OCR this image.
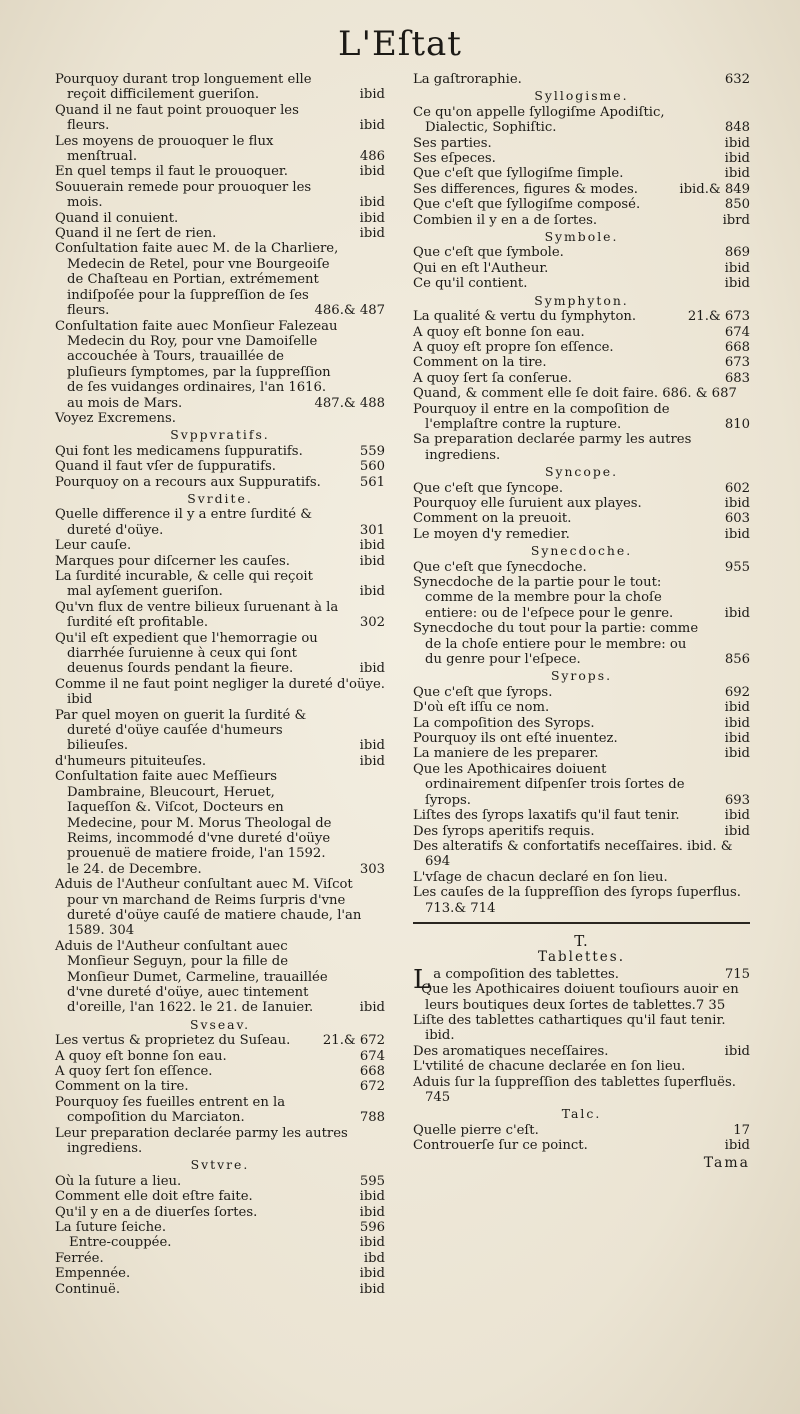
L'Eſtat
Pourquoy durant trop longuement elle reçoit difficilement gueriſon.	ibid
Quand il ne faut point prouoquer les fleurs.	ibid
Les moyens de prouoquer le flux menſtrual.	486
En quel temps il faut le prouoquer.	ibid
Souuerain remede pour prouoquer les mois.	ibid
Quand il conuient.	ibid
Quand il ne ſert de rien.	ibid
Conſultation faite auec M. de la Charliere, Medecin de Retel, pour vne Bourgeoiſe de Chaſteau en Portian, extrémement indiſpoſée pour la ſuppreſſion de ſes fleurs.	486.& 487
Conſultation faite auec Monſieur Falezeau Medecin du Roy, pour vne Damoiſelle accouchée à Tours, trauaillée de pluſieurs ſymptomes, par la ſuppreſſion de ſes vuidanges ordinaires, l'an 1616. au mois de Mars.	487.& 488
Voyez Excremens.
Svppvratifs.
Qui font les medicamens ſuppuratifs.	559
Quand il faut vſer de ſuppuratifs.	560
Pourquoy on a recours aux Suppuratifs.	561
Svrdite.
Quelle difference il y a entre ſurdité & dureté d'oüye.	301
Leur cauſe.	ibid
Marques pour diſcerner les cauſes.	ibid
La ſurdité incurable, & celle qui reçoit mal ayſement gueriſon.	ibid
Qu'vn flux de ventre bilieux ſuruenant à la ſurdité eſt profitable.	302
Qu'il eſt expedient que l'hemorragie ou diarrhée ſuruienne à ceux qui ſont deuenus ſourds pendant la fieure.	ibid
Comme il ne faut point negliger la dureté d'oüye. ibid
Par quel moyen on guerit la ſurdité & dureté d'oüye cauſée d'humeurs bilieuſes.	ibid
d'humeurs pituiteuſes.	ibid
Conſultation faite auec Meſſieurs Dambraine, Bleucourt, Heruet, Iaqueſſon &. Viſcot, Docteurs en Medecine, pour M. Morus Theologal de Reims, incommodé d'vne dureté d'oüye prouenuë de matiere froide, l'an 1592. le 24. de Decembre.	303
Aduis de l'Autheur conſultant auec M. Viſcot pour vn marchand de Reims ſurpris d'vne dureté d'oüye cauſé de matiere chaude, l'an 1589. 304
Aduis de l'Autheur conſultant auec Monſieur Seguyn, pour la fille de Monſieur Dumet, Carmeline, trauaillée d'vne dureté d'oüye, auec tintement d'oreille, l'an 1622. le 21. de Ianuier.	ibid
Svseav.
Les vertus & proprietez du Suſeau. 21.& 672
A quoy eſt bonne ſon eau.	674
A quoy ſert ſon eſſence.	668
Comment on la tire.	672
Pourquoy ſes fueilles entrent en la compoſition du Marciaton.	788
Leur preparation declarée parmy les autres ingrediens.
Svtvre.
Où la ſuture a lieu.	595
Comment elle doit eſtre faite.	ibid
Qu'il y en a de diuerſes ſortes.	ibid
La ſuture ſeiche.	596
Entre-couppée.	ibid
Ferrée.	ibd
Empennée.	ibid
Continuë.	ibid
La gaſtroraphie.	632
Syllogisme.
Ce qu'on appelle ſyllogiſme Apodiſtic, Dialectic, Sophiſtic.	848
Ses parties.	ibid
Ses eſpeces.	ibid
Que c'eſt que ſyllogiſme ſimple.	ibid
Ses differences, figures & modes.	ibid.& 849
Que c'eſt que ſyllogiſme composé.	850
Combien il y en a de ſortes.	ibrd
Symbole.
Que c'eſt que ſymbole.	869
Qui en eſt l'Autheur.	ibid
Ce qu'il contient.	ibid
Symphyton.
La qualité & vertu du ſymphyton.	21.& 673
A quoy eſt bonne ſon eau.	674
A quoy eſt propre ſon eſſence.	668
Comment on la tire.	673
A quoy ſert ſa conſerue.	683
Quand, & comment elle ſe doit faire. 686. & 687
Pourquoy il entre en la compoſition de l'emplaſtre contre la rupture.	810
Sa preparation declarée parmy les autres ingrediens.
Syncope.
Que c'eſt que ſyncope.	602
Pourquoy elle ſuruient aux playes.	ibid
Comment on la preuoit.	603
Le moyen d'y remedier.	ibid
Synecdoche.
Que c'eſt que ſynecdoche.	955
Synecdoche de la partie pour le tout: comme de la membre pour la choſe entiere: ou de l'eſpece pour le genre.	ibid
Synecdoche du tout pour la partie: comme de la choſe entiere pour le membre: ou du genre pour l'eſpece.	856
Syrops.
Que c'eſt que ſyrops.	692
D'où eſt iſſu ce nom.	ibid
La compoſition des Syrops.	ibid
Pourquoy ils ont eſté inuentez.	ibid
La maniere de les preparer.	ibid
Que les Apothicaires doiuent ordinairement diſpenſer trois ſortes de ſyrops.	693
Liſtes des ſyrops laxatifs qu'il faut tenir.	ibid
Des ſyrops aperitifs requis.	ibid
Des alteratifs & confortatifs neceſſaires. ibid. & 694
L'vſage de chacun declaré en ſon lieu.
Les cauſes de la ſuppreſſion des ſyrops ſuperflus. 713.& 714
T.
Tablettes.
La compoſition des tablettes.	715
Que les Apothicaires doiuent touſiours auoir en leurs boutiques deux ſortes de tablettes.7 35
Liſte des tablettes cathartiques qu'il faut tenir. ibid.
Des aromatiques neceſſaires.	ibid
L'vtilité de chacune declarée en ſon lieu.
Aduis ſur la ſuppreſſion des tablettes ſuperfluës. 745
Talc.
Quelle pierre c'eſt.	17
Controuerſe ſur ce poinct.	ibid
Tama
